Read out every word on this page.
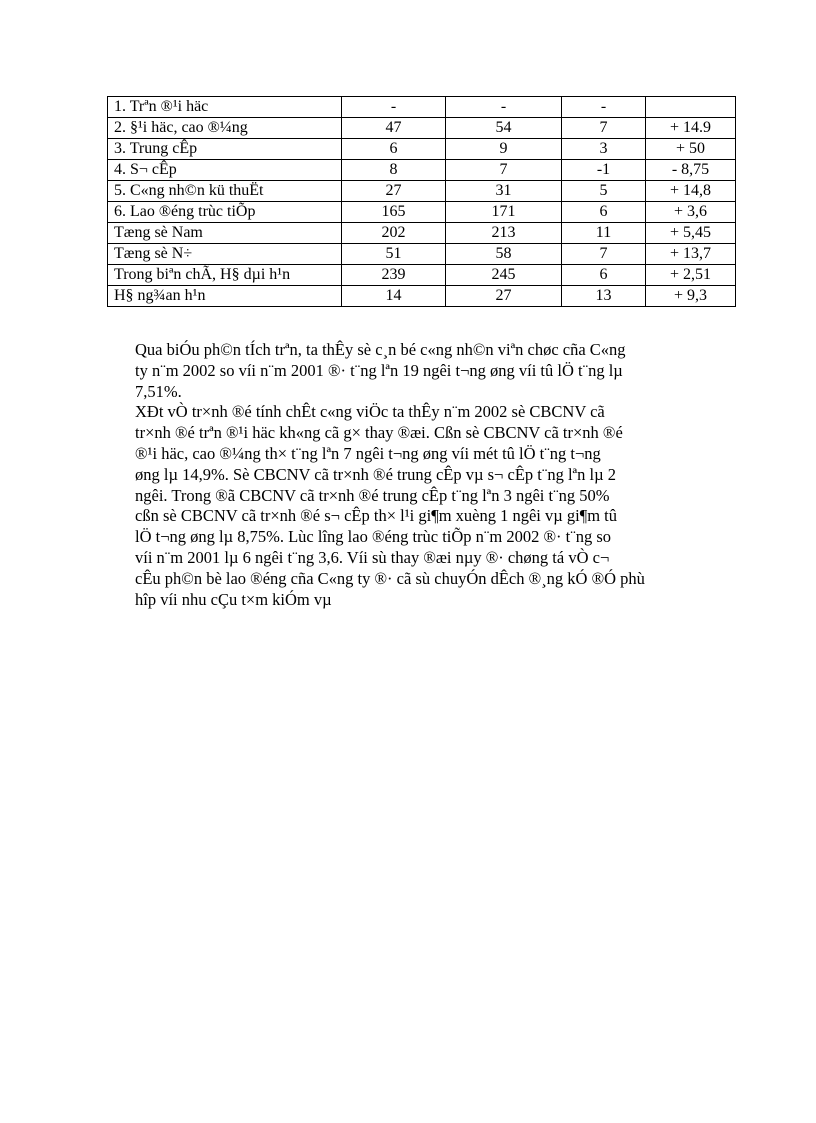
1. Trªn ®¹i häc	-	-	-	
2. §¹i häc, cao ®¼ng	47	54	7	+ 14.9
3. Trung cÊp	6	9	3	+ 50
4. S¬ cÊp	8	7	-1	- 8,75
5. C«ng nh©n kü thuËt	27	31	5	+ 14,8
6. Lao ®éng trùc tiÕp	165	171	6	+ 3,6
Tæng sè Nam	202	213	11	+ 5,45
Tæng sè N÷	51	58	7	+ 13,7
Trong biªn chÃ, H§ dµi h¹n	239	245	6	+ 2,51
H§ ng¾an h¹n	14	27	13	+ 9,3

Qua biÓu ph©n tÍch trªn, ta thÊy sè c¸n bé c«ng nh©n viªn chøc cña C«ng
ty n¨m 2002 so víi n¨m 2001 ®· t¨ng lªn 19 ngêi t¬ng øng víi tû lÖ t¨ng lµ
7,51%.

XÐt vÒ tr×nh ®é tính chÊt c«ng viÖc ta thÊy n¨m 2002 sè CBCNV cã
tr×nh ®é trªn ®¹i häc kh«ng cã g× thay ®æi. Cßn sè CBCNV cã tr×nh ®é
®¹i häc, cao ®¼ng th× t¨ng lªn 7 ngêi t¬ng øng víi mét tû lÖ t¨ng t¬ng
øng lµ 14,9%. Sè CBCNV cã tr×nh ®é trung cÊp vµ s¬ cÊp t¨ng lªn lµ 2
ngêi. Trong ®ã CBCNV cã tr×nh ®é trung cÊp t¨ng lªn 3 ngêi t¨ng 50%
cßn sè CBCNV cã tr×nh ®é s¬ cÊp th× l¹i gi¶m xuèng 1 ngêi vµ gi¶m tû
lÖ t¬ng øng lµ 8,75%. Lùc lîng lao ®éng trùc tiÕp n¨m 2002 ®· t¨ng so
víi n¨m 2001 lµ 6 ngêi t¨ng 3,6. Víi sù thay ®æi nµy ®· chøng tá vÒ c¬
cÊu ph©n bè lao ®éng cña C«ng ty ®· cã sù chuyÓn dÊch ®¸ng kÓ ®Ó phù
hîp víi nhu cÇu t×m kiÓm vµ
